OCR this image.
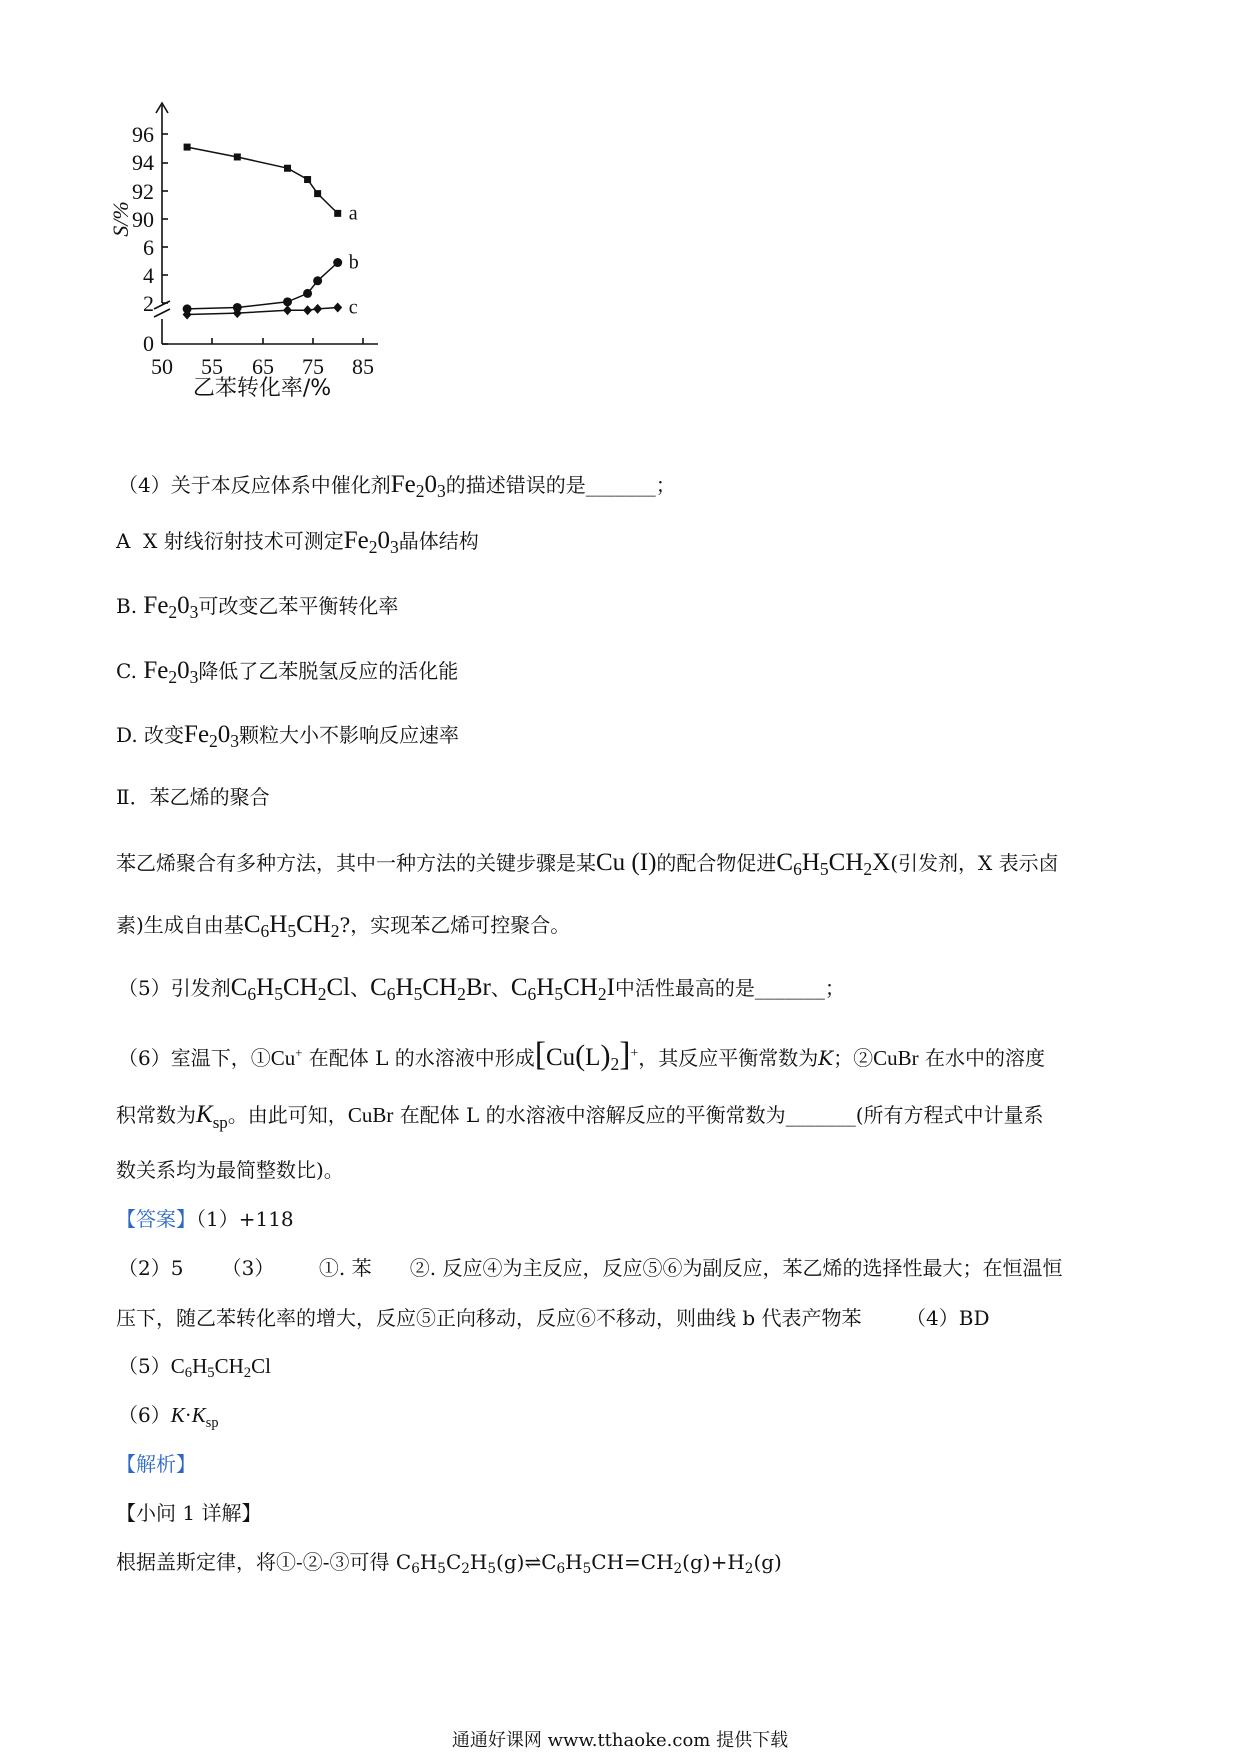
96
94
92
90
6
4
2
0
50 55 65 75 85
乙苯转化率/%
S/%	a
b
c
（4）关于本反应体系中催化剂$Fe_20_3$的描述错误的是_______；
A X 射线衍射技术可测定$Fe_20_3$晶体结构
B. $Fe_20_3$可改变乙苯平衡转化率
C. $Fe_20_3$降低了乙苯脱氢反应的活化能
D. 改变$Fe_20_3$颗粒大小不影响反应速率
Ⅱ．苯乙烯的聚合
苯乙烯聚合有多种方法，其中一种方法的关键步骤是某Cu (I)的配合物促进$C_6H_5CH_2X$(引发剂，X 表示卤
素)生成自由基$C_6H_5CH_2$?，实现苯乙烯可控聚合。
（5）引发剂$C_6H_5CH_2Cl$、$C_6H_5CH_2Br$、$C_6H_5CH_2I$中活性最高的是_______；
（6）室温下，①Cu+ 在配体 L 的水溶液中形成$[Cu(L)_2]^+$，其反应平衡常数为K；②CuBr 在水中的溶度
积常数为$K_{sp}$。由此可知，CuBr 在配体 L 的水溶液中溶解反应的平衡常数为_______(所有方程式中计量系
数关系均为最简整数比)。
【答案】（1）+118
（2）5 （3） ①. 苯 ②. 反应④为主反应，反应⑤⑥为副反应，苯乙烯的选择性最大；在恒温恒
压下，随乙苯转化率的增大，反应⑤正向移动，反应⑥不移动，则曲线 b 代表产物苯 （4）BD
$(5)C_6H_5CH_2Cl$
$(6)K\cdot K_{sp}$
【解析】
【小问 1 详解】
根据盖斯定律，将①-②-③可得 $C_6H_5C_2H_5(g)\rightleftharpoons C_6H_5CH=CH_2(g)+H_2(g)$
通通好课网 www.tthaoke.com 提供下载
